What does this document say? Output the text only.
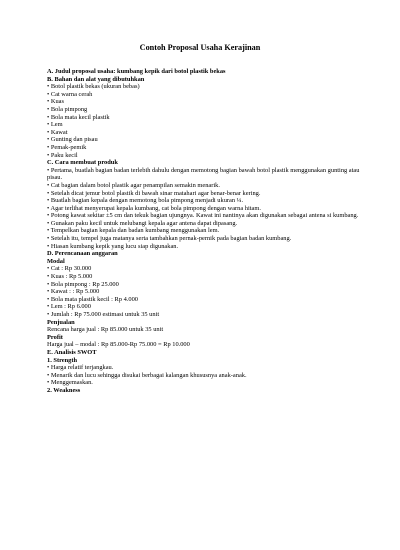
Contoh Proposal Usaha Kerajinan
A. Judul proposal usaha: kumbang kepik dari botol plastik bekas
B. Bahan dan alat yang dibutuhkan
• Botol plastik bekas (ukuran bebas)
• Cat warna cerah
• Kuas
• Bola pimpong
• Bola mata kecil plastik
• Lem
• Kawat
• Gunting dan pisau
• Pemak-pemik
• Paku kecil
C. Cara membuat produk
• Pertama, buatlah bagian badan terlebih dahulu dengan memotong bagian bawah botol plastik menggunakan gunting atau pisau.
• Cat bagian dalam botol plastik agar penampilan semakin menarik.
• Setelah dicat jemur botol plastik di bawah sinar matahari agar benar-benar kering.
• Buatlah bagian kepala dengan memotong bola pimpong menjadi ukuran ¼.
• Agar terlihat menyerupai kepala kumbang, cat bola pimpong dengan warna hitam.
• Potong kawat sekitar ±5 cm dan tekuk bagian ujungnya. Kawat ini nantinya akan digunakan sebagai antena si kumbang.
• Gunakan paku kecil untuk melubangi kepala agar antena dapat dipasang.
• Tempelkan bagian kepala dan badan kumbang menggunakan lem.
• Setelah itu, tempel juga matanya serta tambahkan pernak-pernik pada bagian badan kumbang.
• Hiasan kumbang kepik yang lucu siap digunakan.
D. Perencanaan anggaran
Modal
• Cat : Rp 30.000
• Kuas : Rp 5.000
• Bola pimpong : Rp 25.000
• Kawat : : Rp 5.000
• Bola mata plastik kecil : Rp 4.000
• Lem : Rp 6.000
• Jumlah : Rp 75.000 estimasi untuk 35 unit
Penjualan
Rencana harga jual : Rp 85.000 untuk 35 unit
Profit
Harga jual – modal : Rp 85.000-Rp 75.000 = Rp 10.000
E. Analisis SWOT
1. Strength
• Harga relatif terjangkau.
• Menarik dan lucu sehingga disukai berbagai kalangan khususnya anak-anak.
• Menggemaskan.
2. Weakness
